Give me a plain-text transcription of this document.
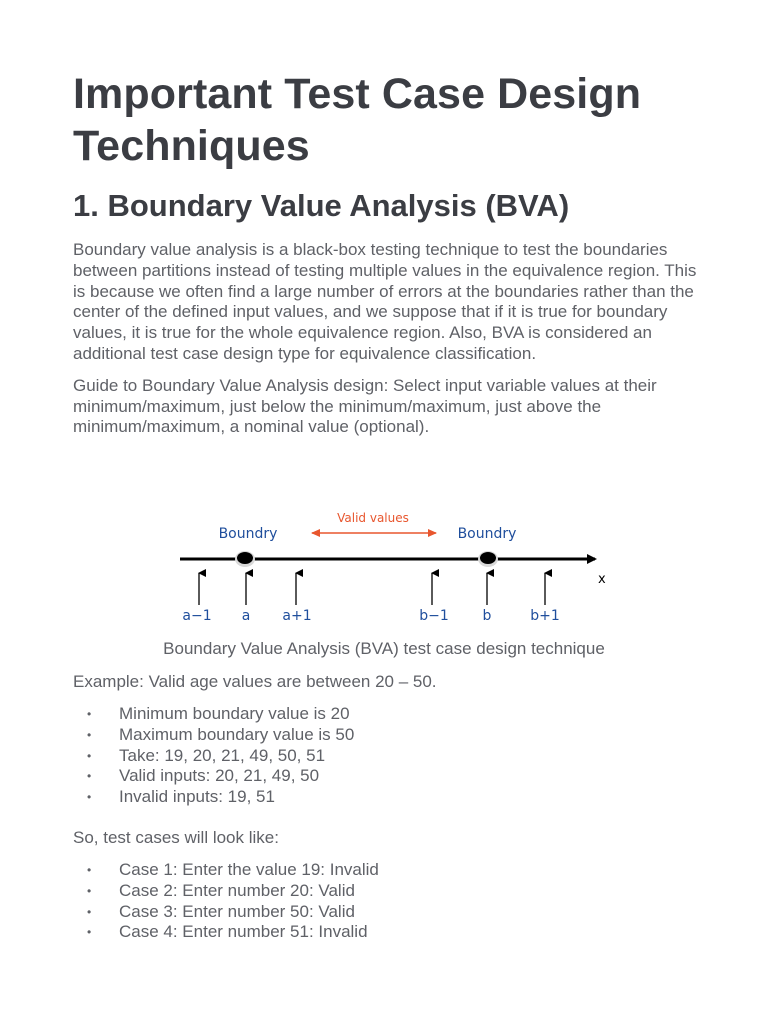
Important Test Case Design Techniques
1. Boundary Value Analysis (BVA)

Boundary value analysis is a black-box testing technique to test the boundaries between partitions instead of testing multiple values in the equivalence region. This is because we often find a large number of errors at the boundaries rather than the center of the defined input values, and we suppose that if it is true for boundary values, it is true for the whole equivalence region. Also, BVA is considered an additional test case design type for equivalence classification.

Guide to Boundary Value Analysis design: Select input variable values at their minimum/maximum, just below the minimum/maximum, just above the minimum/maximum, a nominal value (optional).

Valid values
Boundry	Boundry
x
a−1 a a+1	b−1 b	b+1
Boundary Value Analysis (BVA) test case design technique
Example: Valid age values are between 20 – 50.
• Minimum boundary value is 20
• Maximum boundary value is 50
• Take: 19, 20, 21, 49, 50, 51
• Valid inputs: 20, 21, 49, 50
• Invalid inputs: 19, 51
So, test cases will look like:
• Case 1: Enter the value 19: Invalid
• Case 2: Enter number 20: Valid
• Case 3: Enter number 50: Valid
• Case 4: Enter number 51: Invalid
